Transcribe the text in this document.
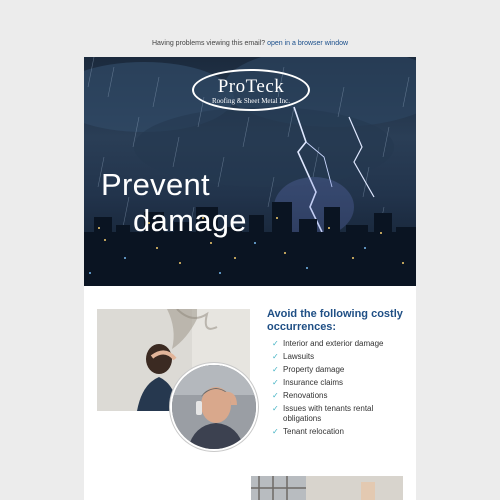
Having problems viewing this email? open in a browser window
ProTeck
Roofing & Sheet Metal Inc.
Prevent
damage
Avoid the following costly occurrences:
✓ Interior and exterior damage
✓ Lawsuits
✓ Property damage
✓ Insurance claims
✓ Renovations
✓ Issues with tenants rental obligations
✓ Tenant relocation
